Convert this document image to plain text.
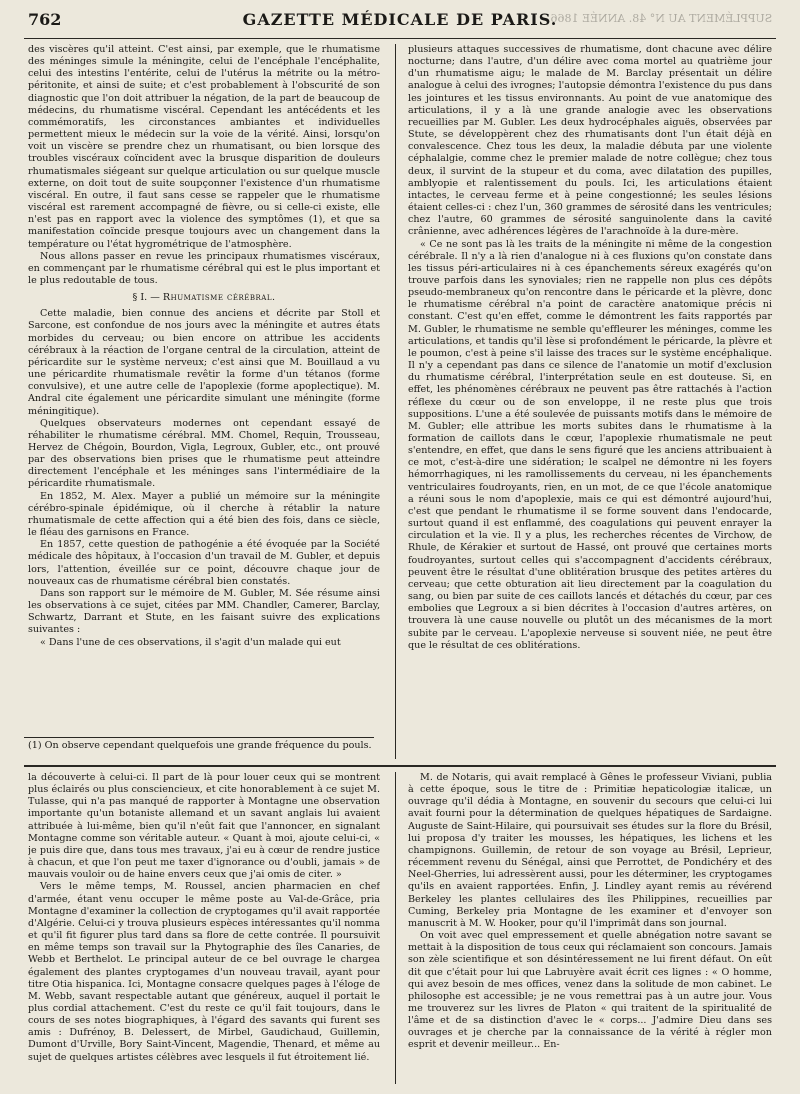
762	GAZETTE MÉDICALE DE PARIS.
SUPPLÉMENT AU N° 48. ANNÉE 1866.

des viscères qu'il atteint. C'est ainsi, par exemple, que le rhumatisme des méninges simule la méningite, celui de l'encéphale l'encéphalite, celui des intestins l'entérite, celui de l'utérus la métrite ou la métro-péritonite, et ainsi de suite; et c'est probablement à l'obscurité de son diagnostic que l'on doit attribuer la négation, de la part de beaucoup de médecins, du rhumatisme viscéral. Cependant les antécédents et les commémoratifs, les circonstances ambiantes et individuelles permettent mieux le médecin sur la voie de la vérité. Ainsi, lorsqu'on voit un viscère se prendre chez un rhumatisant, ou bien lorsque des troubles viscéraux coïncident avec la brusque disparition de douleurs rhumatismales siégeant sur quelque articulation ou sur quelque muscle externe, on doit tout de suite soupçonner l'existence d'un rhumatisme viscéral. En outre, il faut sans cesse se rappeler que le rhumatisme viscéral est rarement accompagné de fièvre, ou si celle-ci existe, elle n'est pas en rapport avec la violence des symptômes (1), et que sa manifestation coïncide presque toujours avec un changement dans la température ou l'état hygrométrique de l'atmosphère.

Nous allons passer en revue les principaux rhumatismes viscéraux, en commençant par le rhumatisme cérébral qui est le plus important et le plus redoutable de tous.

§ I. — Rhumatisme cérébral.

Cette maladie, bien connue des anciens et décrite par Stoll et Sarcone, est confondue de nos jours avec la méningite et autres états morbides du cerveau; ou bien encore on attribue les accidents cérébraux à la réaction de l'organe central de la circulation, atteint de péricardite sur le système nerveux; c'est ainsi que M. Bouillaud a vu une péricardite rhumatismale revêtir la forme d'un tétanos (forme convulsive), et une autre celle de l'apoplexie (forme apoplectique). M. Andral cite également une péricardite simulant une méningite (forme méningitique).

Quelques observateurs modernes ont cependant essayé de réhabiliter le rhumatisme cérébral. MM. Chomel, Requin, Trousseau, Hervez de Chégoin, Bourdon, Vigla, Legroux, Gubler, etc., ont prouvé par des observations bien prises que le rhumatisme peut atteindre directement l'encéphale et les méninges sans l'intermédiaire de la péricardite rhumatismale.

En 1852, M. Alex. Mayer a publié un mémoire sur la méningite cérébro-spinale épidémique, où il cherche à rétablir la nature rhumatismale de cette affection qui a été bien des fois, dans ce siècle, le fléau des garnisons en France.

En 1857, cette question de pathogénie a été évoquée par la Société médicale des hôpitaux, à l'occasion d'un travail de M. Gubler, et depuis lors, l'attention, éveillée sur ce point, découvre chaque jour de nouveaux cas de rhumatisme cérébral bien constatés.

Dans son rapport sur le mémoire de M. Gubler, M. Sée résume ainsi les observations à ce sujet, citées par MM. Chandler, Camerer, Barclay, Schwartz, Darrant et Stute, en les faisant suivre des explications suivantes :

« Dans l'une de ces observations, il s'agit d'un malade qui eut

(1) On observe cependant quelquefois une grande fréquence du pouls.

plusieurs attaques successives de rhumatisme, dont chacune avec délire nocturne; dans l'autre, d'un délire avec coma mortel au quatrième jour d'un rhumatisme aigu; le malade de M. Barclay présentait un délire analogue à celui des ivrognes; l'autopsie démontra l'existence du pus dans les jointures et les tissus environnants. Au point de vue anatomique des articulations, il y a là une grande analogie avec les observations recueillies par M. Gubler. Les deux hydrocéphales aiguës, observées par Stute, se développèrent chez des rhumatisants dont l'un était déjà en convalescence. Chez tous les deux, la maladie débuta par une violente céphalalgie, comme chez le premier malade de notre collègue; chez tous deux, il survint de la stupeur et du coma, avec dilatation des pupilles, amblyopie et ralentissement du pouls. Ici, les articulations étaient intactes, le cerveau ferme et à peine congestionné; les seules lésions étaient celles-ci : chez l'un, 360 grammes de sérosité dans les ventricules; chez l'autre, 60 grammes de sérosité sanguinolente dans la cavité crânienne, avec adhérences légères de l'arachnoïde à la dure-mère.

« Ce ne sont pas là les traits de la méningite ni même de la congestion cérébrale. Il n'y a là rien d'analogue ni à ces fluxions qu'on constate dans les tissus péri-articulaires ni à ces épanchements séreux exagérés qu'on trouve parfois dans les synoviales; rien ne rappelle non plus ces dépôts pseudo-membraneux qu'on rencontre dans le péricarde et la plèvre, donc le rhumatisme cérébral n'a point de caractère anatomique précis ni constant. C'est qu'en effet, comme le démontrent les faits rapportés par M. Gubler, le rhumatisme ne semble qu'effleurer les méninges, comme les articulations, et tandis qu'il lèse si profondément le péricarde, la plèvre et le poumon, c'est à peine s'il laisse des traces sur le système encéphalique. Il n'y a cependant pas dans ce silence de l'anatomie un motif d'exclusion du rhumatisme cérébral, l'interprétation seule en est douteuse. Si, en effet, les phénomènes cérébraux ne peuvent pas être rattachés à l'action réflexe du cœur ou de son enveloppe, il ne reste plus que trois suppositions. L'une a été soulevée de puissants motifs dans le mémoire de M. Gubler; elle attribue les morts subites dans le rhumatisme à la formation de caillots dans le cœur, l'apoplexie rhumatismale ne peut s'entendre, en effet, que dans le sens figuré que les anciens attribuaient à ce mot, c'est-à-dire une sidération; le scalpel ne démontre ni les foyers hémorrhagiques, ni les ramollissements du cerveau, ni les épanchements ventriculaires foudroyants, rien, en un mot, de ce que l'école anatomique a réuni sous le nom d'apoplexie, mais ce qui est démontré aujourd'hui, c'est que pendant le rhumatisme il se forme souvent dans l'endocarde, surtout quand il est enflammé, des coagulations qui peuvent enrayer la circulation et la vie. Il y a plus, les recherches récentes de Virchow, de Rhule, de Kérakier et surtout de Hassé, ont prouvé que certaines morts foudroyantes, surtout celles qui s'accompagnent d'accidents cérébraux, peuvent être le résultat d'une oblitération brusque des petites artères du cerveau; que cette obturation ait lieu directement par la coagulation du sang, ou bien par suite de ces caillots lancés et détachés du cœur, par ces embolies que Legroux a si bien décrites à l'occasion d'autres artères, on trouvera là une cause nouvelle ou plutôt un des mécanismes de la mort subite par le cerveau. L'apoplexie nerveuse si souvent niée, ne peut être que le résultat de ces oblitérations.

la découverte à celui-ci. Il part de là pour louer ceux qui se montrent plus éclairés ou plus consciencieux, et cite honorablement à ce sujet M. Tulasse, qui n'a pas manqué de rapporter à Montagne une observation importante qu'un botaniste allemand et un savant anglais lui avaient attribuée à lui-même, bien qu'il n'eût fait que l'annoncer, en signalant Montagne comme son véritable auteur. « Quant à moi, ajoute celui-ci, « je puis dire que, dans tous mes travaux, j'ai eu à cœur de rendre justice à chacun, et que l'on peut me taxer d'ignorance ou d'oubli, jamais » de mauvais vouloir ou de haine envers ceux que j'ai omis de citer. »

Vers le même temps, M. Roussel, ancien pharmacien en chef d'armée, étant venu occuper le même poste au Val-de-Grâce, pria Montagne d'examiner la collection de cryptogames qu'il avait rapportée d'Algérie. Celui-ci y trouva plusieurs espèces intéressantes qu'il nomma et qu'il fit figurer plus tard dans sa flore de cette contrée. Il poursuivit en même temps son travail sur la Phytographie des îles Canaries, de Webb et Berthelot. Le principal auteur de ce bel ouvrage le chargea également des plantes cryptogames d'un nouveau travail, ayant pour titre Otia hispanica. Ici, Montagne consacre quelques pages à l'éloge de M. Webb, savant respectable autant que généreux, auquel il portait le plus cordial attachement. C'est du reste ce qu'il fait toujours, dans le cours de ses notes biographiques, à l'égard des savants qui furent ses amis : Dufrénoy, B. Delessert, de Mirbel, Gaudichaud, Guillemin, Dumont d'Urville, Bory Saint-Vincent, Magendie, Thenard, et même au sujet de quelques artistes célèbres avec lesquels il fut étroitement lié.

M. de Notaris, qui avait remplacé à Gênes le professeur Viviani, publia à cette époque, sous le titre de : Primitiæ hepaticologiæ italicæ, un ouvrage qu'il dédia à Montagne, en souvenir du secours que celui-ci lui avait fourni pour la détermination de quelques hépatiques de Sardaigne. Auguste de Saint-Hilaire, qui poursuivait ses études sur la flore du Brésil, lui proposa d'y traiter les mousses, les hépatiques, les lichens et les champignons. Guillemin, de retour de son voyage au Brésil, Leprieur, récemment revenu du Sénégal, ainsi que Perrottet, de Pondichéry et des Neel-Gherries, lui adressèrent aussi, pour les déterminer, les cryptogames qu'ils en avaient rapportées. Enfin, J. Lindley ayant remis au révérend Berkeley les plantes cellulaires des îles Philippines, recueillies par Cuming, Berkeley pria Montagne de les examiner et d'envoyer son manuscrit à M. W. Hooker, pour qu'il l'imprimât dans son journal.

On voit avec quel empressement et quelle abnégation notre savant se mettait à la disposition de tous ceux qui réclamaient son concours. Jamais son zèle scientifique et son désintéressement ne lui firent défaut. On eût dit que c'était pour lui que Labruyère avait écrit ces lignes : « O homme, qui avez besoin de mes offices, venez dans la solitude de mon cabinet. Le philosophe est accessible; je ne vous remettrai pas à un autre jour. Vous me trouverez sur les livres de Platon « qui traitent de la spiritualité de l'âme et de sa distinction d'avec le « corps... J'admire Dieu dans ses ouvrages et je cherche par la connaissance de la vérité à régler mon esprit et devenir meilleur... En-
